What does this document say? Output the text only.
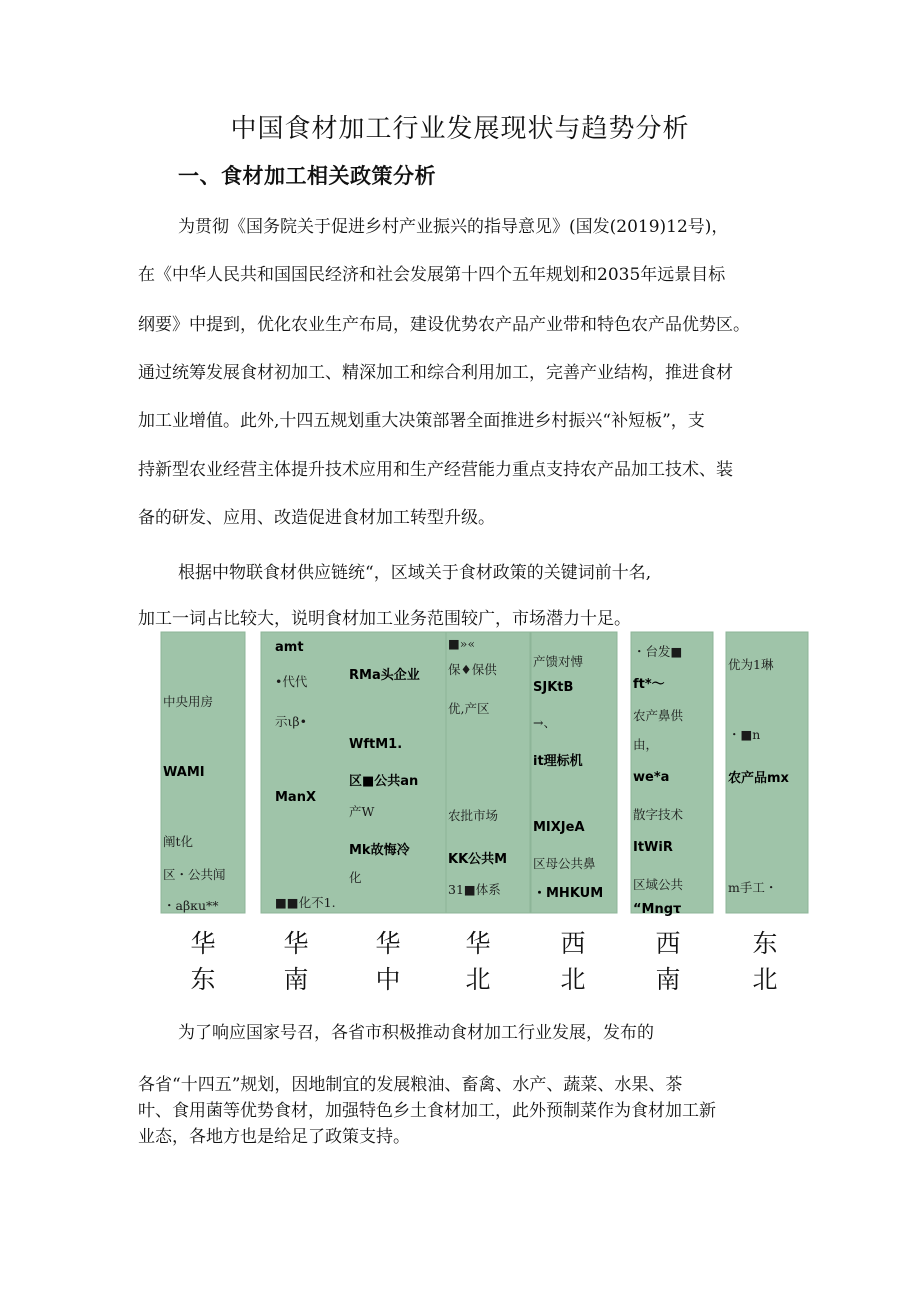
中国食材加工行业发展现状与趋势分析
一、食材加工相关政策分析
为贯彻《国务院关于促进乡村产业振兴的指导意见》(国发(2019)12号)，
在《中华人民共和国国民经济和社会发展第十四个五年规划和2035年远景目标
纲要》中提到，优化农业生产布局，建设优势农产品产业带和特色农产品优势区。
通过统筹发展食材初加工、精深加工和综合利用加工，完善产业结构，推进食材
加工业增值。此外,十四五规划重大决策部署全面推进乡村振兴“补短板”，支
持新型农业经营主体提升技术应用和生产经营能力重点支持农产品加工技术、装
备的研发、应用、改造促进食材加工转型升级。
根据中物联食材供应链统“，区域关于食材政策的关键词前十名,
加工一词占比较大，说明食材加工业务范围较广，市场潜力十足。
中央用房
WAMI
阐t化
区・公共闻
・aβκu**
amt
•代代
示ιβ•
ManX
■■化不1.
RMa头企业
WftM1.
区■公共an
产W
Mk故悔冷
化
■»«
保♦保供
优,产区
农批市场
KK公共M
31■体系
产馈对愽
SJKtB
→、
it理标机
MIXJeA
区母公共鼻
・MHKUM
・台发■
ft*〜
农产鼻供
由，
we*a
散字技术
ItWiR
区域公共
“Mngτ
优为1琳
・■n
农产品mx
m手工・
华
东
华
南
华
中
华
北
西
北
西
南
东
北
为了响应国家号召，各省市积极推动食材加工行业发展，发布的
各省“十四五”规划，因地制宜的发展粮油、畜禽、水产、蔬菜、水果、茶
叶、食用菌等优势食材，加强特色乡土食材加工，此外预制菜作为食材加工新
业态，各地方也是给足了政策支持。
